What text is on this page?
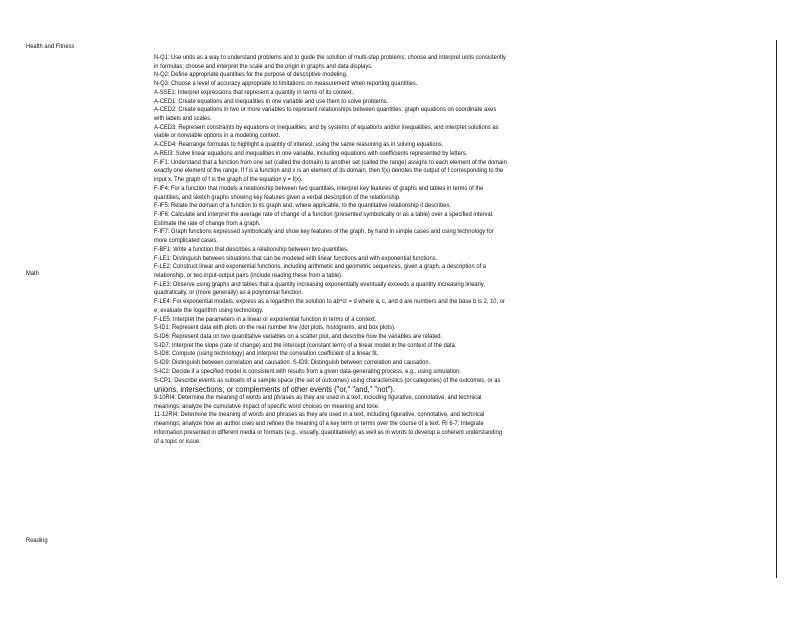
Health and Fitness
Math
Reading
N-Q1: Use units as a way to understand problems and to guide the solution of multi-step problems; choose and interpret units consistently
in formulas; choose and interpret the scale and the origin in graphs and data displays.
N-Q2: Define appropriate quantities for the purpose of descriptive modeling.
N-Q3: Choose a level of accuracy appropriate to limitations on measurement when reporting quantities.
A-SSE1: Interpret expressions that represent a quantity in terms of its context.
A-CED1: Create equations and inequalities in one variable and use them to solve problems.
A-CED2: Create equations in two or more variables to represent relationships between quantities; graph equations on coordinate axes
with labels and scales.
A-CED3: Represent constraints by equations or inequalities, and by systems of equations and/or inequalities, and interpret solutions as
viable or nonviable options in a modeling context.
A-CED4: Rearrange formulas to highlight a quantity of interest, using the same reasoning as in solving equations.
A-REI3: Solve linear equations and inequalities in one variable, including equations with coefficients represented by letters.
F-IF1: Understand that a function from one set (called the domain) to another set (called the range) assigns to each element of the domain
exactly one element of the range. If f is a function and x is an element of its domain, then f(x) denotes the output of f corresponding to the
input x. The graph of f is the graph of the equation y = f(x).
F-IF4: For a function that models a relationship between two quantities, interpret key features of graphs and tables in terms of the
quantities, and sketch graphs showing key features given a verbal description of the relationship.
F-IF5: Relate the domain of a function to its graph and, where applicable, to the quantitative relationship it describes.
F-IF6: Calculate and interpret the average rate of change of a function (presented symbolically or as a table) over a specified interval.
Estimate the rate of change from a graph.
F-IF7: Graph functions expressed symbolically and show key features of the graph, by hand in simple cases and using technology for
more complicated cases.
F-BF1: Write a function that describes a relationship between two quantities.
F-LE1: Distinguish between situations that can be modeled with linear functions and with exponential functions.
F-LE2: Construct linear and exponential functions, including arithmetic and geometric sequences, given a graph, a description of a
relationship, or two input-output pairs (include reading these from a table).
F-LE3: Observe using graphs and tables that a quantity increasing exponentially eventually exceeds a quantity increasing linearly,
quadratically, or (more generally) as a polynomial function.
F-LE4: For exponential models, express as a logarithm the solution to ab^ct = d where a, c, and d are numbers and the base b is 2, 10, or
e; evaluate the logarithm using technology.
F-LE5: Interpret the parameters in a linear or exponential function in terms of a context.
S-ID1: Represent data with plots on the real number line (dot plots, histograms, and box plots).
S-ID6: Represent data on two quantitative variables on a scatter plot, and describe how the variables are related.
S-ID7: Interpret the slope (rate of change) and the intercept (constant term) of a linear model in the context of the data.
S-ID8: Compute (using technology) and interpret the correlation coefficient of a linear fit.
S-ID9: Distinguish between correlation and causation. S-ID9: Distinguish between correlation and causation.
S-IC2: Decide if a specified model is consistent with results from a given data-generating process, e.g., using simulation.
S-CP1: Describe events as subsets of a sample space (the set of outcomes) using characteristics (or categories) of the outcomes, or as
unions, intersections, or complements of other events ("or," "and," "not").
9-10RI4: Determine the meaning of words and phrases as they are used in a text, including figurative, connotative, and technical
meanings; analyze the cumulative impact of specific word choices on meaning and tone.
11-12RI4: Determine the meaning of words and phrases as they are used in a text, including figurative, connotative, and technical
meanings; analyze how an author uses and refines the meaning of a key term or terms over the course of a text. RI 6-7: Integrate
information presented in different media or formats (e.g., visually, quantitatively) as well as in words to develop a coherent understanding
of a topic or issue.
